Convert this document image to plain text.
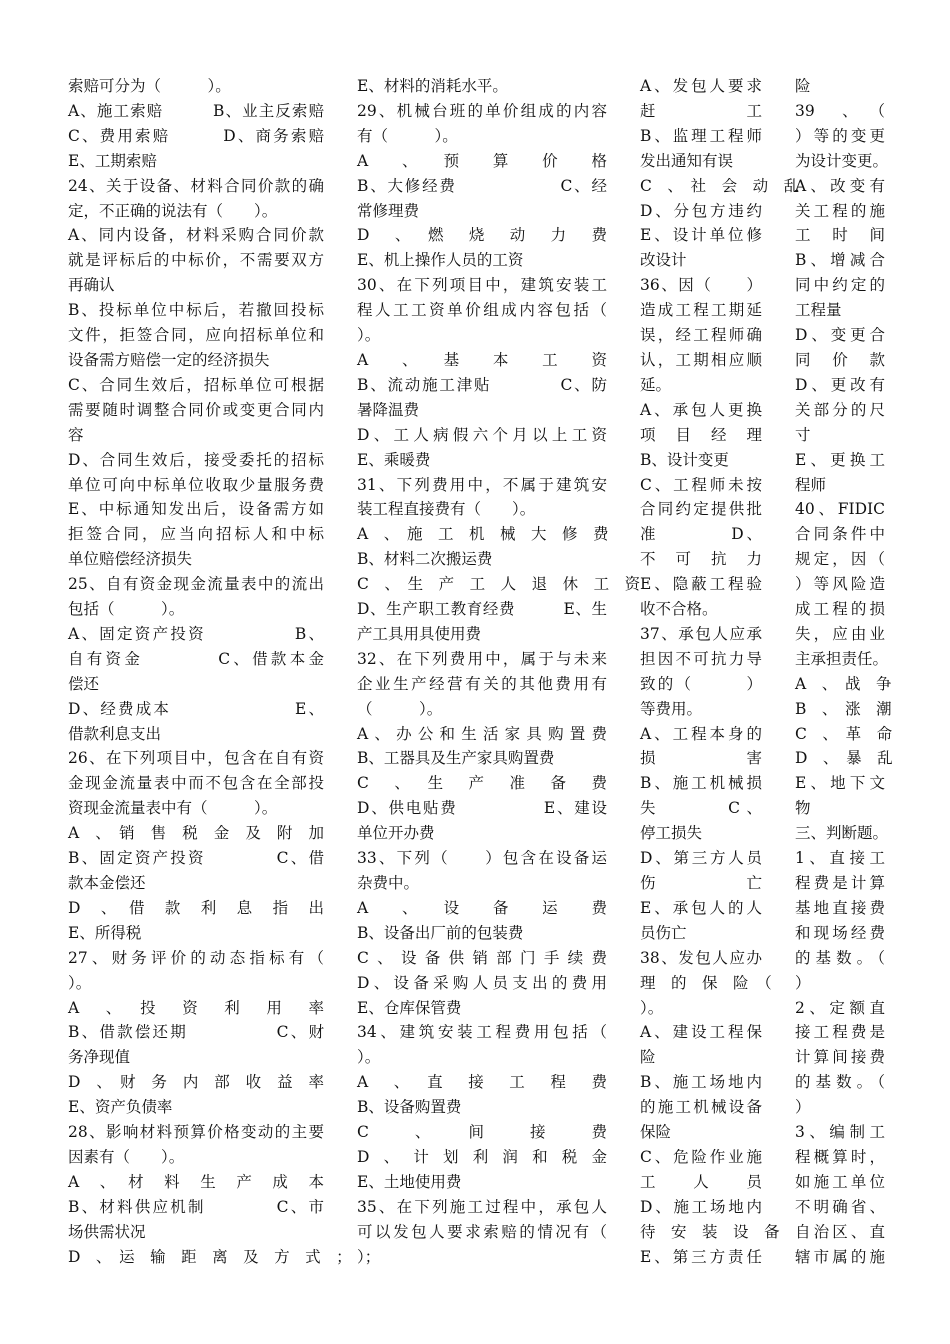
索赔可分为（　　　）。

A、施工索赔　　　B、业主反索赔

C、费用索赔　　　D、商务索赔

E、工期索赔

24、关于设备、材料合同价款的确

定，不正确的说法有（　　）。

A、同内设备，材料采购合同价款

就是评标后的中标价，不需要双方

再确认

B、投标单位中标后，若撤回投标

文件，拒签合同，应向招标单位和

设备需方赔偿一定的经济损失

C、合同生效后，招标单位可根据

需要随时调整合同价或变更合同内

容

D、合同生效后，接受委托的招标

单位可向中标单位收取少量服务费

E、中标通知发出后，设备需方如

拒签合同，应当向招标人和中标

单位赔偿经济损失

25、自有资金现金流量表中的流出

包括（　　　）。

A、固定资产投资　　　　　B、

自有资金　　　　C、借款本金

偿还

D、经费成本　　　　　　　E、

借款利息支出

26、在下列项目中，包含在自有资

金现金流量表中而不包含在全部投

资现金流量表中有（　　　）。

A　、　销　售　税　金　及　附　加

B、固定资产投资　　　　C、借

款本金偿还

D　、　借　款　利　息　指　出

E、所得税

27、财务评价的动态指标有（

）。

A　、　投　资　利　用　率

B、借款偿还期　　　　　C、财

务净现值

D　、　财　务　内　部　收　益　率

E、资产负债率

28、影响材料预算价格变动的主要

因素有（　　）。

A　、　材　料　生　产　成　本

B、材料供应机制　　　　C、市

场供需状况

D　、　运　输　距　离　及　方　式　；

E、材料的消耗水平。

29、机械台班的单价组成的内容

有（　　　）。

A　、　预　算　价　格

B、大修经费　　　　　　C、经

常修理费

D　、　燃　烧　动　力　费

E、机上操作人员的工资

30、在下列项目中，建筑安装工

程人工工资单价组成内容包括（

）。

A　、　基　本　工　资

B、流动施工津贴　　　　C、防

暑降温费

D、工人病假六个月以上工资

E、乘暖费

31、下列费用中，不属于建筑安

装工程直接费有（　　）。

A　、　施　工　机　械　大　修　费

B、材料二次搬运费

C　、　生　产　工　人　退　休　工　资

D、生产职工教育经费　　　E、生

产工具用具使用费

32、在下列费用中，属于与未来

企业生产经营有关的其他费用有

（　　　）。

A、办公和生活家具购置费

B、工器具及生产家具购置费

C　、　生　产　准　备　费

D、供电贴费　　　　　E、建设

单位开办费

33、下列（　　）包含在设备运

杂费中。

A　、　设　备　运　费

B、设备出厂前的包装费

C、设备供销部门手续费

D、设备采购人员支出的费用

E、仓库保管费

34、建筑安装工程费用包括（

）。

A　、　直　接　工　程　费

B、设备购置费

C　、　间　接　费

D、计划利润和税金

E、土地使用费

35、在下列施工过程中，承包人

可以发包人要求索赔的情况有（

）；

A、发包人要求

赶　　　　工

B、监理工程师

发出通知有误

C　、　社　会　动　乱

D、分包方违约

E、设计单位修

改设计

36、因（　　）

造成工程工期延

误，经工程师确

认，工期相应顺

延。

A、承包人更换

项　目　经　理

B、设计变更

C、工程师未按

合同约定提供批

准　　　　D、

不　可　抗　力

E、隐蔽工程验

收不合格。

37、承包人应承

担因不可抗力导

致的（　　　）

等费用。

A、工程本身的

损　　　　害

B、施工机械损

失　　　C、

停工损失

D、第三方人员

伤　　　　亡

E、承包人的人

员伤亡

38、发包人应办

理　的　保　险　（

）。

A、建设工程保

险

B、施工场地内

的施工机械设备

保险

C、危险作业施

工　　人　　员

D、施工场地内

待　安　装　设　备

E、第三方责任

险

39　、　（

）等的变更

为设计变更。

A、改变有

关工程的施

工　时　间

B、增减合

同中约定的

工程量

D、变更合

同　价　款

D、更改有

关部分的尺

寸

E、更换工

程师

40、FIDIC

合同条件中

规定，因（

）等风险造

成工程的损

失，应由业

主承担责任。

A　、　战　争

B　、　涨　潮

C　、　革　命

D　、　暴　乱

E、地下文

物

三、判断题。

1、直接工

程费是计算

基地直接费

和现场经费

的基数。（

）

2、定额直

接工程费是

计算间接费

的基数。（

）

3、编制工

程概算时，

如施工单位

不明确省、

自治区、直

辖市属的施
